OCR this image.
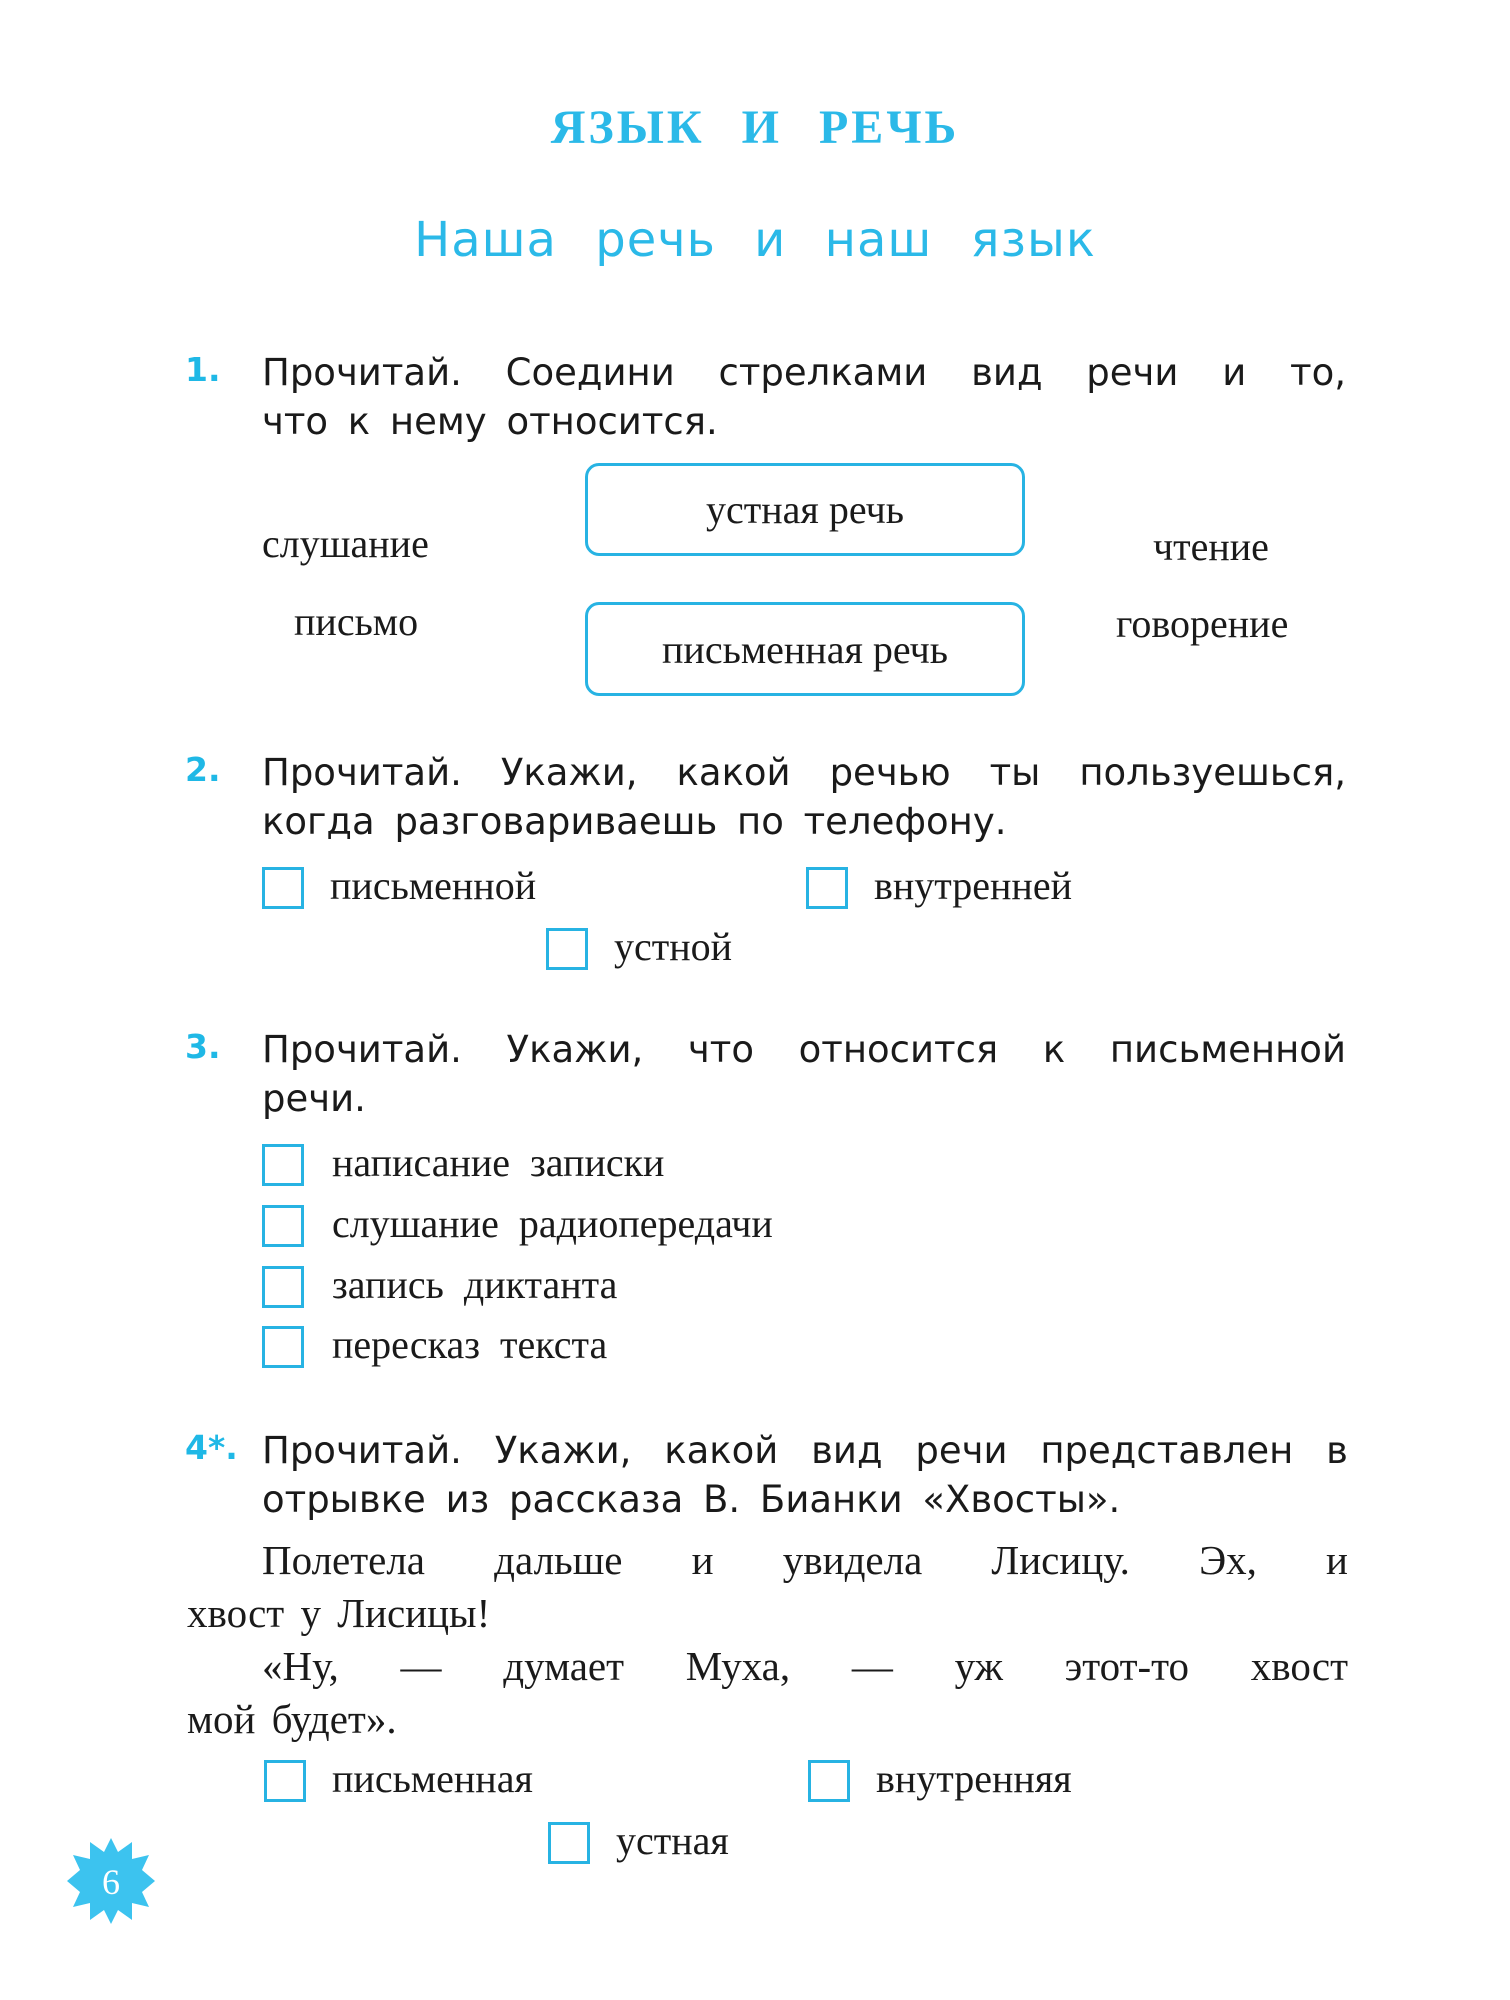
ЯЗЫК И РЕЧЬ
Наша речь и наш язык
1. Прочитай. Соедини стрелками вид речи и то,
что к нему относится.
слушание
письмо
устная речь
письменная речь
чтение
говорение
2. Прочитай. Укажи, какой речью ты пользуешься,
когда разговариваешь по телефону.
письменной	внутренней
устной
3. Прочитай. Укажи, что относится к письменной
речи.
написание записки
слушание радиопередачи
запись диктанта
пересказ текста
4*. Прочитай. Укажи, какой вид речи представлен в
отрывке из рассказа В. Бианки «Хвосты».
Полетела дальше и увидела Лисицу. Эх, и
хвост у Лисицы!
«Ну, — думает Муха, — уж этот-то хвост
мой будет».
письменная	внутренняя
устная
6
